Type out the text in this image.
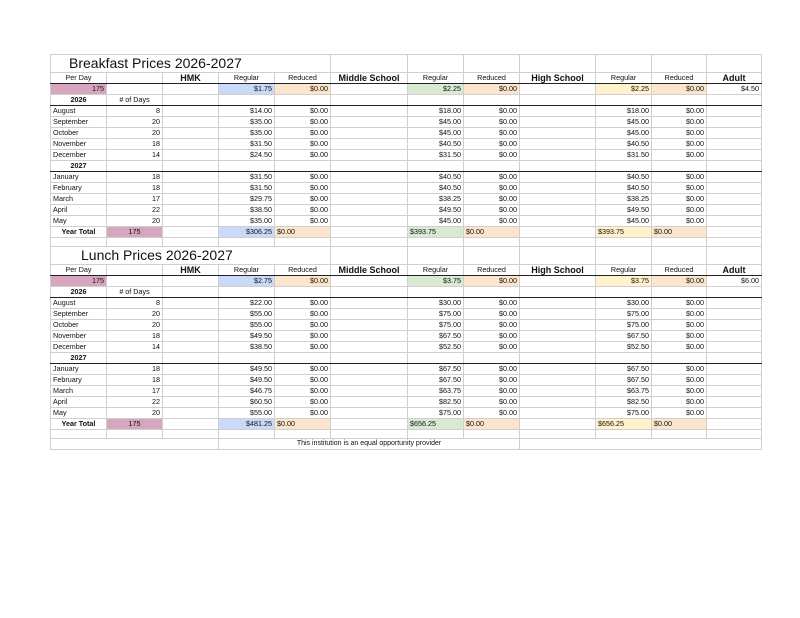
Breakfast Prices 2026-2027											
Per Day		HMK	Regular	Reduced	Middle School	Regular	Reduced	High School	Regular	Reduced	Adult
175			$1.75	$0.00		$2.25	$0.00		$2.25	$0.00	$4.50
2026	# of Days										
August	8		$14.00	$0.00		$18.00	$0.00		$18.00	$0.00	
September	20		$35.00	$0.00		$45.00	$0.00		$45.00	$0.00	
October	20		$35.00	$0.00		$45.00	$0.00		$45.00	$0.00	
November	18		$31.50	$0.00		$40.50	$0.00		$40.50	$0.00	
December	14		$24.50	$0.00		$31.50	$0.00		$31.50	$0.00	
2027											
January	18		$31.50	$0.00		$40.50	$0.00		$40.50	$0.00	
February	18		$31.50	$0.00		$40.50	$0.00		$40.50	$0.00	
March	17		$29.75	$0.00		$38.25	$0.00		$38.25	$0.00	
April	22		$38.50	$0.00		$49.50	$0.00		$49.50	$0.00	
May	20		$35.00	$0.00		$45.00	$0.00		$45.00	$0.00	
Year Total	175		$306.25	$0.00		$393.75	$0.00		$393.75	$0.00	

Lunch Prices 2026-2027											
Per Day		HMK	Regular	Reduced	Middle School	Regular	Reduced	High School	Regular	Reduced	Adult
175			$2.75	$0.00		$3.75	$0.00		$3.75	$0.00	$6.00
2026	# of Days										
August	8		$22.00	$0.00		$30.00	$0.00		$30.00	$0.00	
September	20		$55.00	$0.00		$75.00	$0.00		$75.00	$0.00	
October	20		$55.00	$0.00		$75.00	$0.00		$75.00	$0.00	
November	18		$49.50	$0.00		$67.50	$0.00		$67.50	$0.00	
December	14		$38.50	$0.00		$52.50	$0.00		$52.50	$0.00	
2027											
January	18		$49.50	$0.00		$67.50	$0.00		$67.50	$0.00	
February	18		$49.50	$0.00		$67.50	$0.00		$67.50	$0.00	
March	17		$46.75	$0.00		$63.75	$0.00		$63.75	$0.00	
April	22		$60.50	$0.00		$82.50	$0.00		$82.50	$0.00	
May	20		$55.00	$0.00		$75.00	$0.00		$75.00	$0.00	
Year Total	175		$481.25	$0.00		$656.25	$0.00		$656.25	$0.00	

			This institution is an equal opportunity provider								
